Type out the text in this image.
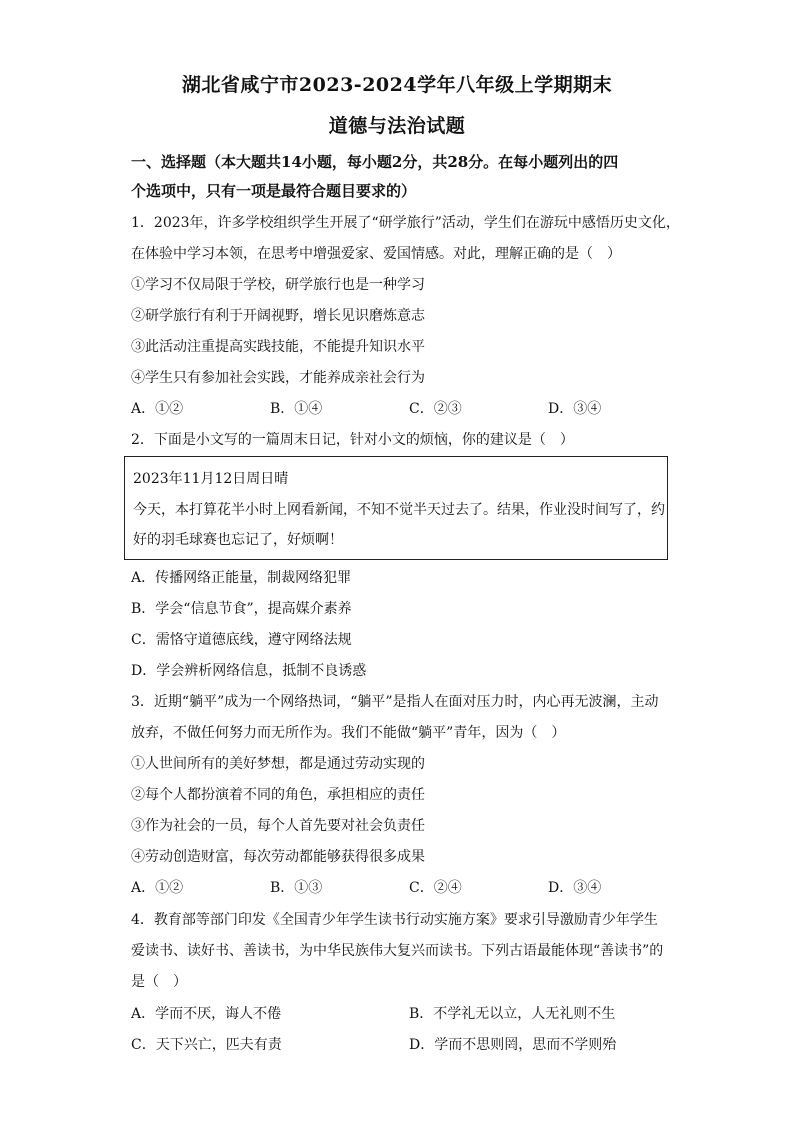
湖北省咸宁市2023-2024学年八年级上学期期末
道德与法治试题
一、选择题（本大题共14小题，每小题2分，共28分。在每小题列出的四
个选项中，只有一项是最符合题目要求的）
1．2023年，许多学校组织学生开展了“研学旅行”活动，学生们在游玩中感悟历史文化，
在体验中学习本领，在思考中增强爱家、爱国情感。对此，理解正确的是（　）
①学习不仅局限于学校，研学旅行也是一种学习
②研学旅行有利于开阔视野，增长见识磨炼意志
③此活动注重提高实践技能，不能提升知识水平
④学生只有参加社会实践，才能养成亲社会行为
A．①②	B．①④	C．②③	D．③④
2．下面是小文写的一篇周末日记，针对小文的烦恼，你的建议是（　）
2023年11月12日周日晴
今天，本打算花半小时上网看新闻，不知不觉半天过去了。结果，作业没时间写了，约
好的羽毛球赛也忘记了，好烦啊！
A．传播网络正能量，制裁网络犯罪
B．学会“信息节食”，提高媒介素养
C．需恪守道德底线，遵守网络法规
D．学会辨析网络信息，抵制不良诱惑
3．近期“躺平”成为一个网络热词，“躺平”是指人在面对压力时，内心再无波澜，主动
放弃，不做任何努力而无所作为。我们不能做“躺平”青年，因为（　）
①人世间所有的美好梦想，都是通过劳动实现的
②每个人都扮演着不同的角色，承担相应的责任
③作为社会的一员，每个人首先要对社会负责任
④劳动创造财富，每次劳动都能够获得很多成果
A．①②	B．①③	C．②④	D．③④
4．教育部等部门印发《全国青少年学生读书行动实施方案》要求引导激励青少年学生
爱读书、读好书、善读书，为中华民族伟大复兴而读书。下列古语最能体现“善读书”的
是（　）
A．学而不厌，诲人不倦	B．不学礼无以立，人无礼则不生
C．天下兴亡，匹夫有责	D．学而不思则罔，思而不学则殆
